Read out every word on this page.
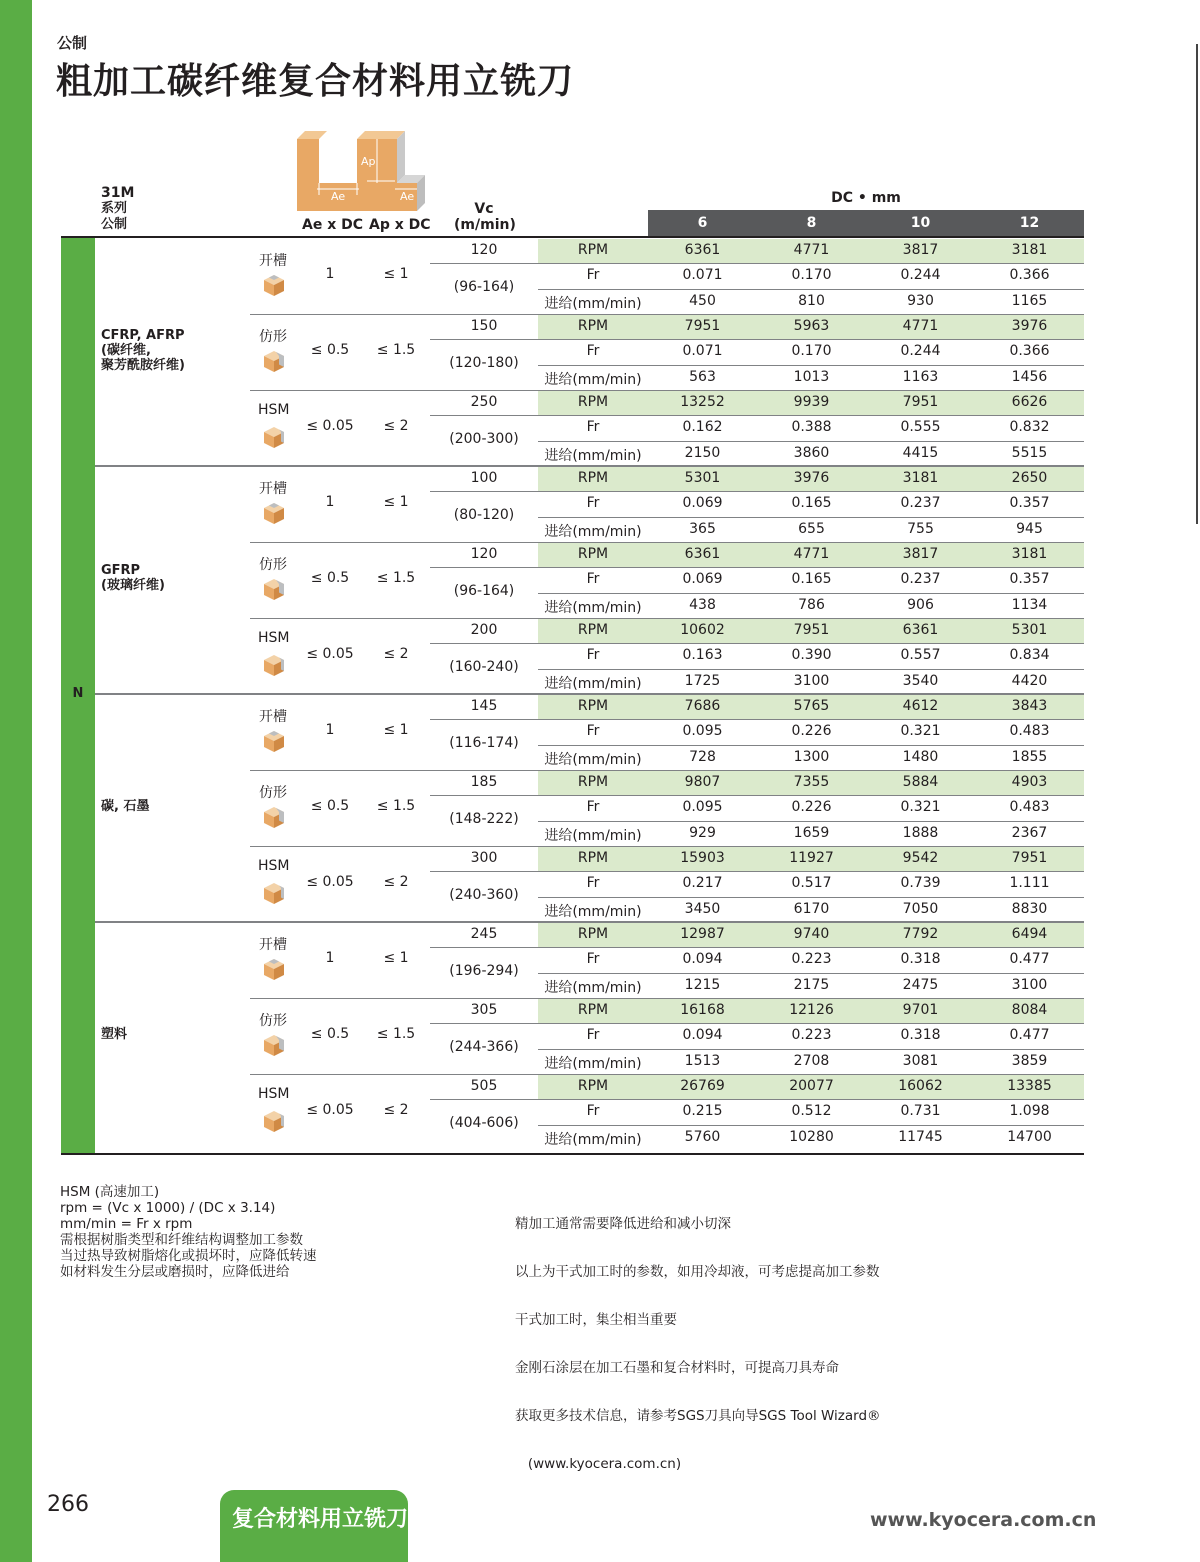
公制
粗加工碳纤维复合材料用立铣刀
31M
系列
公制
Ap
Ae	Ae
Ae x DC Ap x DC
Vc
(m/min)
DC • mm
6	8	10	12
N
CFRP, AFRP
(碳纤维,
聚芳酰胺纤维)
开槽
1	≤ 1
120
(96-164)
RPM	6361	4771	3817	3181
Fr	0.071	0.170	0.244	0.366
进给(mm/min)	450	810	930	1165
仿形
≤ 0.5	≤ 1.5
150
(120-180)
RPM	7951	5963	4771	3976
Fr	0.071	0.170	0.244	0.366
进给(mm/min)	563	1013	1163	1456
HSM
≤ 0.05	≤ 2
250
(200-300)
RPM	13252	9939	7951	6626
Fr	0.162	0.388	0.555	0.832
进给(mm/min)	2150	3860	4415	5515
GFRP
(玻璃纤维)
开槽
1	≤ 1
100
(80-120)
RPM	5301	3976	3181	2650
Fr	0.069	0.165	0.237	0.357
进给(mm/min)	365	655	755	945
仿形
≤ 0.5	≤ 1.5
120
(96-164)
RPM	6361	4771	3817	3181
Fr	0.069	0.165	0.237	0.357
进给(mm/min)	438	786	906	1134
HSM
≤ 0.05	≤ 2
200
(160-240)
RPM	10602	7951	6361	5301
Fr	0.163	0.390	0.557	0.834
进给(mm/min)	1725	3100	3540	4420
碳, 石墨
开槽
1	≤ 1
145
(116-174)
RPM	7686	5765	4612	3843
Fr	0.095	0.226	0.321	0.483
进给(mm/min)	728	1300	1480	1855
仿形
≤ 0.5	≤ 1.5
185
(148-222)
RPM	9807	7355	5884	4903
Fr	0.095	0.226	0.321	0.483
进给(mm/min)	929	1659	1888	2367
HSM
≤ 0.05	≤ 2
300
(240-360)
RPM	15903	11927	9542	7951
Fr	0.217	0.517	0.739	1.111
进给(mm/min)	3450	6170	7050	8830
塑料
开槽
1	≤ 1
245
(196-294)
RPM	12987	9740	7792	6494
Fr	0.094	0.223	0.318	0.477
进给(mm/min)	1215	2175	2475	3100
仿形
≤ 0.5	≤ 1.5
305
(244-366)
RPM	16168	12126	9701	8084
Fr	0.094	0.223	0.318	0.477
进给(mm/min)	1513	2708	3081	3859
HSM
≤ 0.05	≤ 2
505
(404-606)
RPM	26769	20077	16062	13385
Fr	0.215	0.512	0.731	1.098
进给(mm/min)	5760	10280	11745	14700
HSM (高速加工)
rpm = (Vc x 1000) / (DC x 3.14)
mm/min = Fr x rpm
需根据树脂类型和纤维结构调整加工参数
当过热导致树脂熔化或损坏时，应降低转速
如材料发生分层或磨损时，应降低进给

精加工通常需要降低进给和减小切深

以上为干式加工时的参数，如用冷却液，可考虑提高加工参数

干式加工时，集尘相当重要

金刚石涂层在加工石墨和复合材料时，可提高刀具寿命

获取更多技术信息，请参考SGS刀具向导SGS Tool Wizard®

(www.kyocera.com.cn)

266
复合材料用立铣刀	www.kyocera.com.cn
